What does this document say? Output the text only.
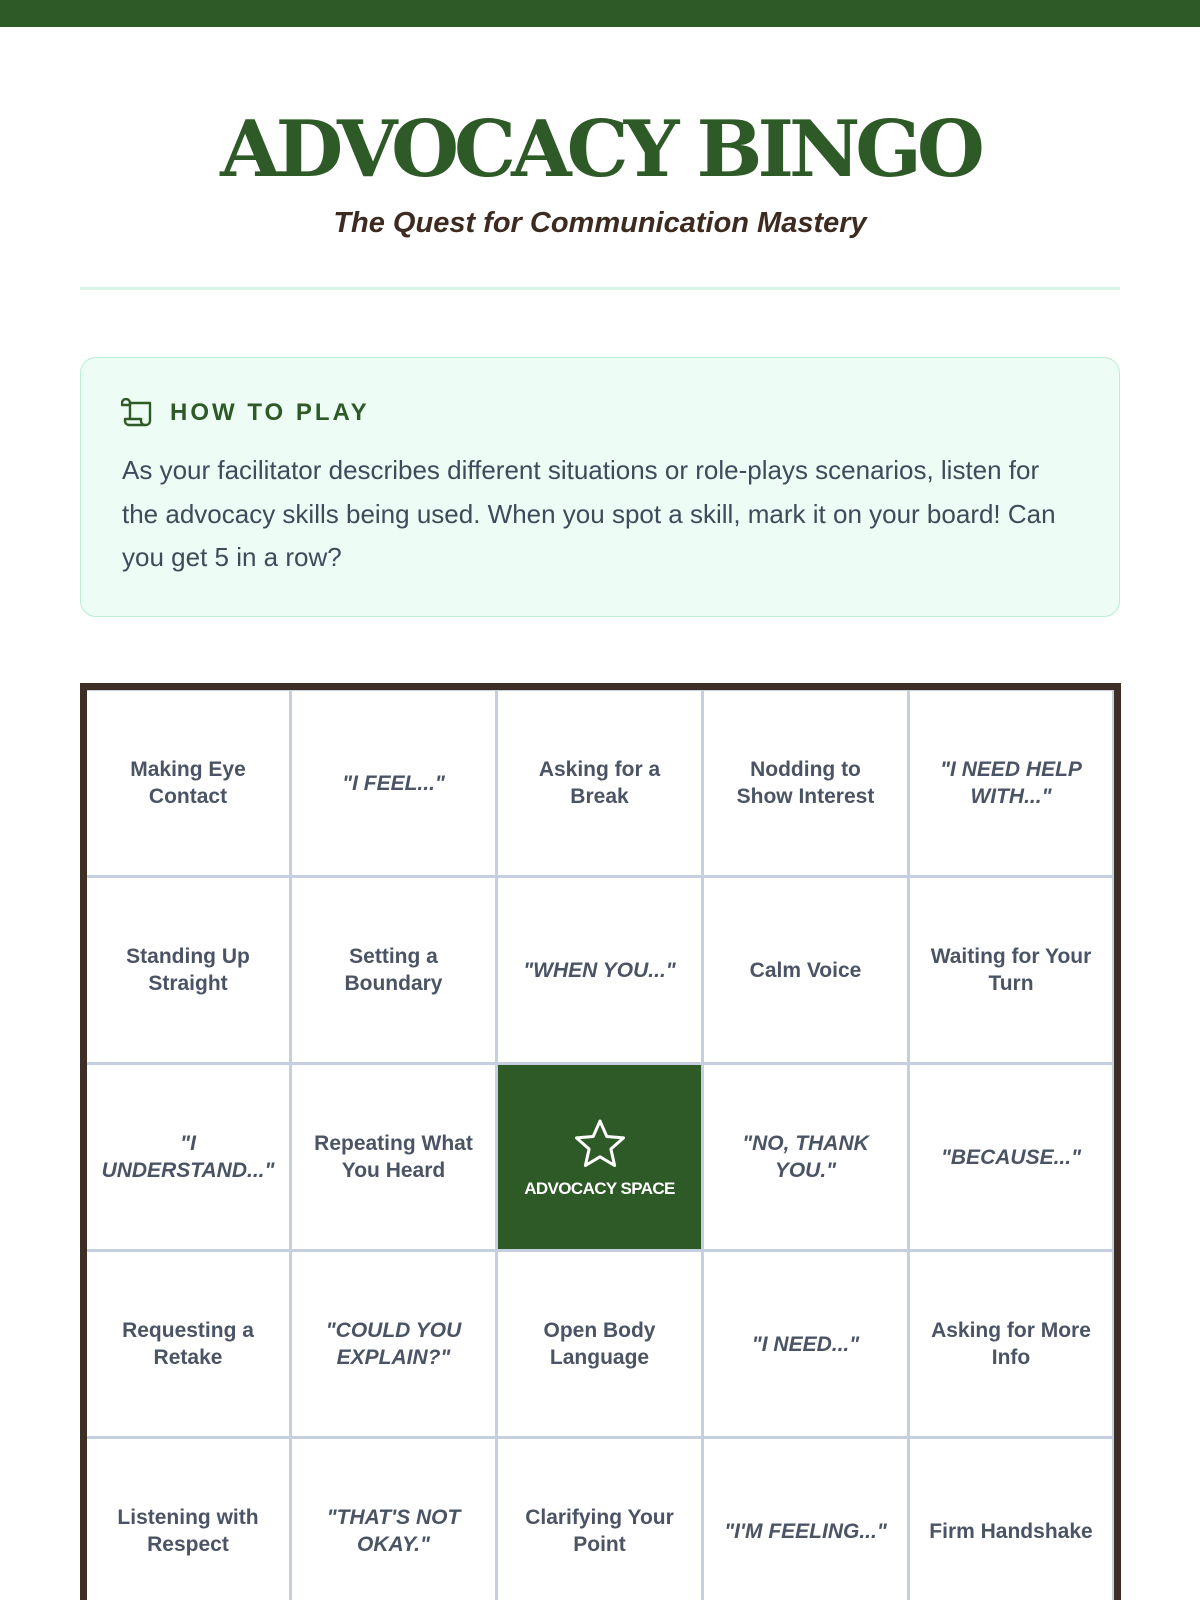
ADVOCACY BINGO
The Quest for Communication Mastery
HOW TO PLAY

As your facilitator describes different situations or role-plays scenarios, listen for the advocacy skills being used. When you spot a skill, mark it on your board! Can you get 5 in a row?

Making Eye Contact
"I FEEL..."
Asking for a Break
Nodding to Show Interest
"I NEED HELP WITH..."
Standing Up Straight
Setting a Boundary
"WHEN YOU..."	Calm Voice
Waiting for Your Turn
"I UNDERSTAND..."
Repeating What You Heard
ADVOCACY SPACE
"NO, THANK YOU."
"BECAUSE..."
Requesting a Retake
"COULD YOU EXPLAIN?"
Open Body Language
"I NEED..."
Asking for More Info
Listening with Respect
"THAT'S NOT OKAY."
Clarifying Your Point
"I'M FEELING..."	Firm Handshake
